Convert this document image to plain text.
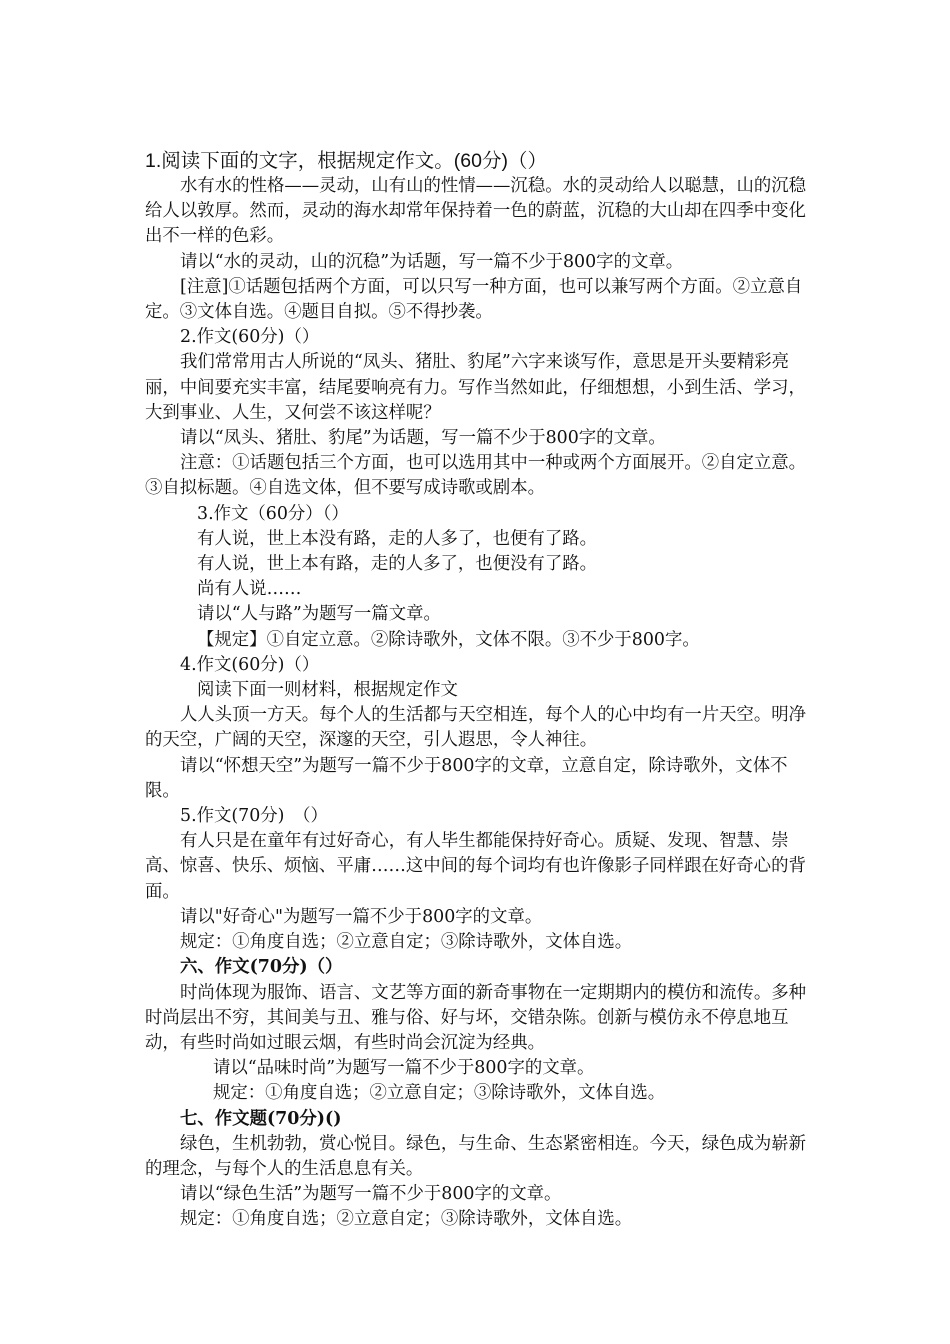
1.阅读下面的文字，根据规定作文。(60分)（）

水有水的性格——灵动，山有山的性情——沉稳。水的灵动给人以聪慧，山的沉稳给人以敦厚。然而，灵动的海水却常年保持着一色的蔚蓝，沉稳的大山却在四季中变化出不一样的色彩。

请以“水的灵动，山的沉稳”为话题，写一篇不少于800字的文章。

[注意]①话题包括两个方面，可以只写一种方面，也可以兼写两个方面。②立意自定。③文体自选。④题目自拟。⑤不得抄袭。

2.作文(60分)（）

我们常常用古人所说的“凤头、猪肚、豹尾”六字来谈写作，意思是开头要精彩亮丽，中间要充实丰富，结尾要响亮有力。写作当然如此，仔细想想，小到生活、学习，大到事业、人生，又何尝不该这样呢？

请以“凤头、猪肚、豹尾”为话题，写一篇不少于800字的文章。

注意：①话题包括三个方面，也可以选用其中一种或两个方面展开。②自定立意。③自拟标题。④自选文体，但不要写成诗歌或剧本。

3.作文（60分）（）

有人说，世上本没有路，走的人多了，也便有了路。

有人说，世上本有路，走的人多了，也便没有了路。

尚有人说……

请以“人与路”为题写一篇文章。

【规定】①自定立意。②除诗歌外，文体不限。③不少于800字。

4.作文(60分)（）

阅读下面一则材料，根据规定作文

人人头顶一方天。每个人的生活都与天空相连，每个人的心中均有一片天空。明净的天空，广阔的天空，深邃的天空，引人遐思，令人神往。

请以“怀想天空”为题写一篇不少于800字的文章，立意自定，除诗歌外，文体不限。

5.作文(70分)　（）

有人只是在童年有过好奇心，有人毕生都能保持好奇心。质疑、发现、智慧、崇高、惊喜、快乐、烦恼、平庸……这中间的每个词均有也许像影子同样跟在好奇心的背面。

请以"好奇心"为题写一篇不少于800字的文章。

规定：①角度自选；②立意自定；③除诗歌外，文体自选。

六、作文(70分)（）

时尚体现为服饰、语言、文艺等方面的新奇事物在一定期期内的模仿和流传。多种时尚层出不穷，其间美与丑、雅与俗、好与坏，交错杂陈。创新与模仿永不停息地互动，有些时尚如过眼云烟，有些时尚会沉淀为经典。

请以“品味时尚”为题写一篇不少于800字的文章。

规定：①角度自选；②立意自定；③除诗歌外，文体自选。

七、作文题(70分)()

绿色，生机勃勃，赏心悦目。绿色，与生命、生态紧密相连。今天，绿色成为崭新的理念，与每个人的生活息息有关。

请以“绿色生活”为题写一篇不少于800字的文章。

规定：①角度自选；②立意自定；③除诗歌外，文体自选。
